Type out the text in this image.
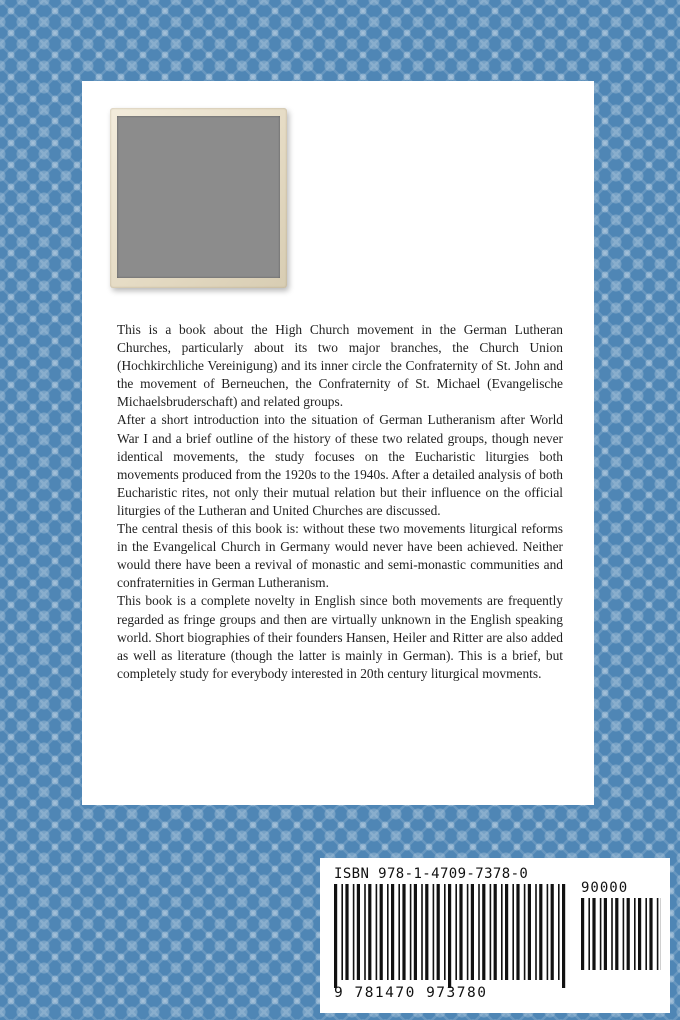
This is a book about the High Church movement in the German Lutheran Churches, particularly about its two major branches, the Church Union (Hochkirchliche Vereinigung) and its inner circle the Confraternity of St. John and the movement of Berneuchen, the Confraternity of St. Michael (Evangelische Michaelsbruderschaft) and related groups.

After a short introduction into the situation of German Lutheranism after World War I and a brief outline of the history of these two related groups, though never identical movements, the study focuses on the Eucharistic liturgies both movements produced from the 1920s to the 1940s. After a detailed analysis of both Eucharistic rites, not only their mutual relation but their influence on the official liturgies of the Lutheran and United Churches are discussed.

The central thesis of this book is: without these two movements liturgical reforms in the Evangelical Church in Germany would never have been achieved. Neither would there have been a revival of monastic and semi-monastic communities and confraternities in German Lutheranism.

This book is a complete novelty in English since both movements are frequently regarded as fringe groups and then are virtually unknown in the English speaking world. Short biographies of their founders Hansen, Heiler and Ritter are also added as well as literature (though the latter is mainly in German). This is a brief, but completely study for everybody interested in 20th century liturgical movments.

ISBN 978-1-4709-7378-0
90000
9 781470 973780
